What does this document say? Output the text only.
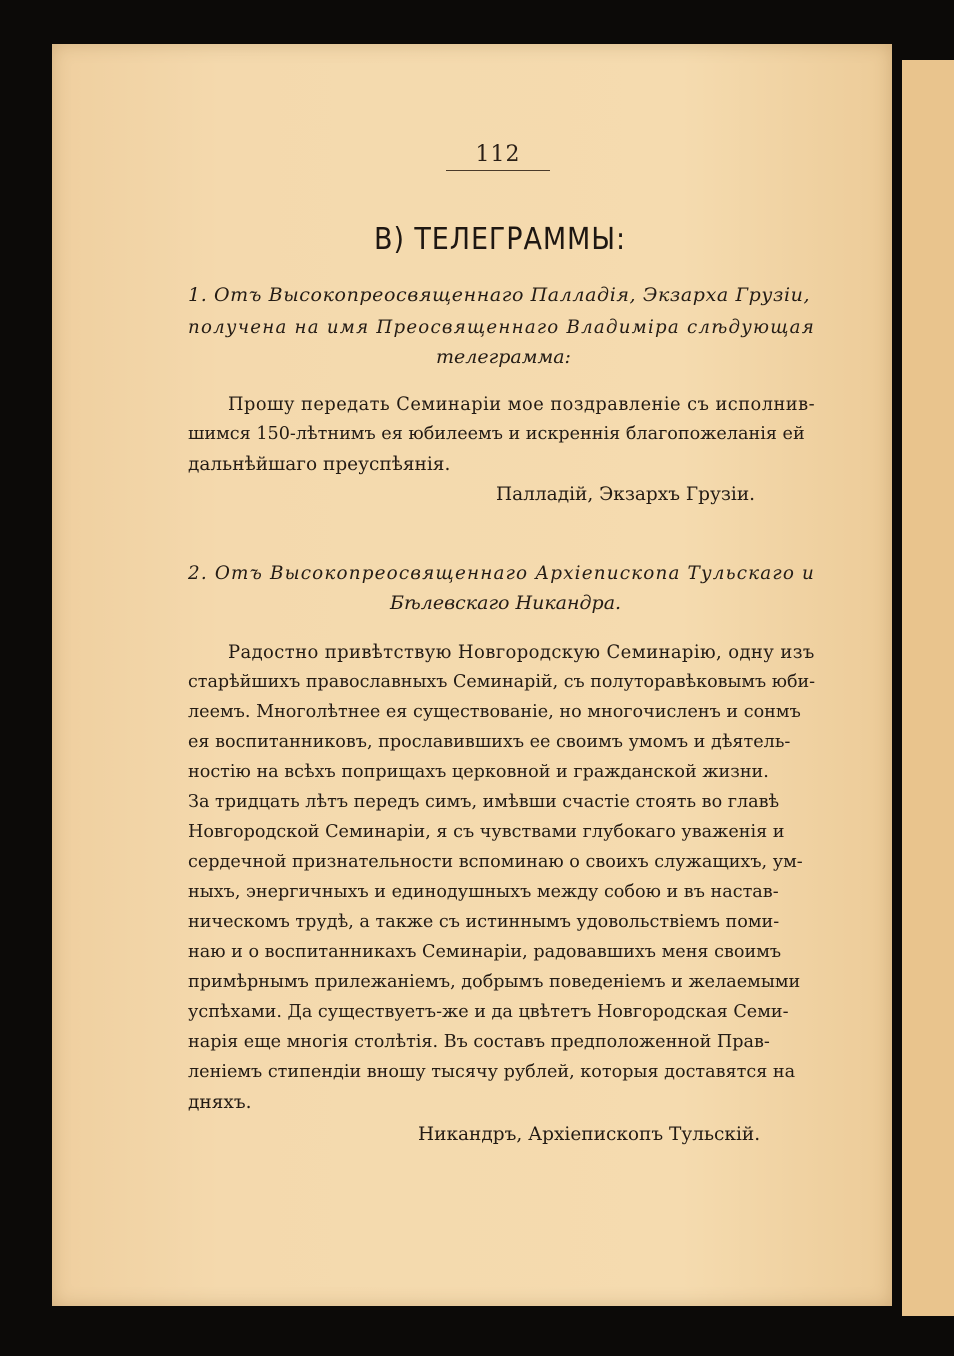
112
В) ТЕЛЕГРАММЫ:
1. Отъ Высокопреосвященнаго Палладія, Экзарха Грузіи,
получена на имя Преосвященнаго Владиміра слѣдующая
телеграмма:
Прошу передать Семинаріи мое поздравленіе съ исполнив-
шимся 150-лѣтнимъ ея юбилеемъ и искреннія благопожеланія ей
дальнѣйшаго преуспѣянія.
Палладій, Экзархъ Грузіи.
2. Отъ Высокопреосвященнаго Архіепископа Тульскаго и
Бѣлевскаго Никандра.
Радостно привѣтствую Новгородскую Семинарію, одну изъ
старѣйшихъ православныхъ Семинарій, съ полуторавѣковымъ юби-
леемъ. Многолѣтнее ея существованіе, но многочисленъ и сонмъ
ея воспитанниковъ, прославившихъ ее своимъ умомъ и дѣятель-
ностію на всѣхъ поприщахъ церковной и гражданской жизни.
За тридцать лѣтъ передъ симъ, имѣвши счастіе стоять во главѣ
Новгородской Семинаріи, я съ чувствами глубокаго уваженія и
сердечной признательности вспоминаю о своихъ служащихъ, ум-
ныхъ, энергичныхъ и единодушныхъ между собою и въ настав-
ническомъ трудѣ, а также съ истиннымъ удовольствіемъ поми-
наю и о воспитанникахъ Семинаріи, радовавшихъ меня своимъ
примѣрнымъ прилежаніемъ, добрымъ поведеніемъ и желаемыми
успѣхами. Да существуетъ-же и да цвѣтетъ Новгородская Семи-
нарія еще многія столѣтія. Въ составъ предположенной Прав-
леніемъ стипендіи вношу тысячу рублей, которыя доставятся на
дняхъ.
Никандръ, Архіепископъ Тульскій.
